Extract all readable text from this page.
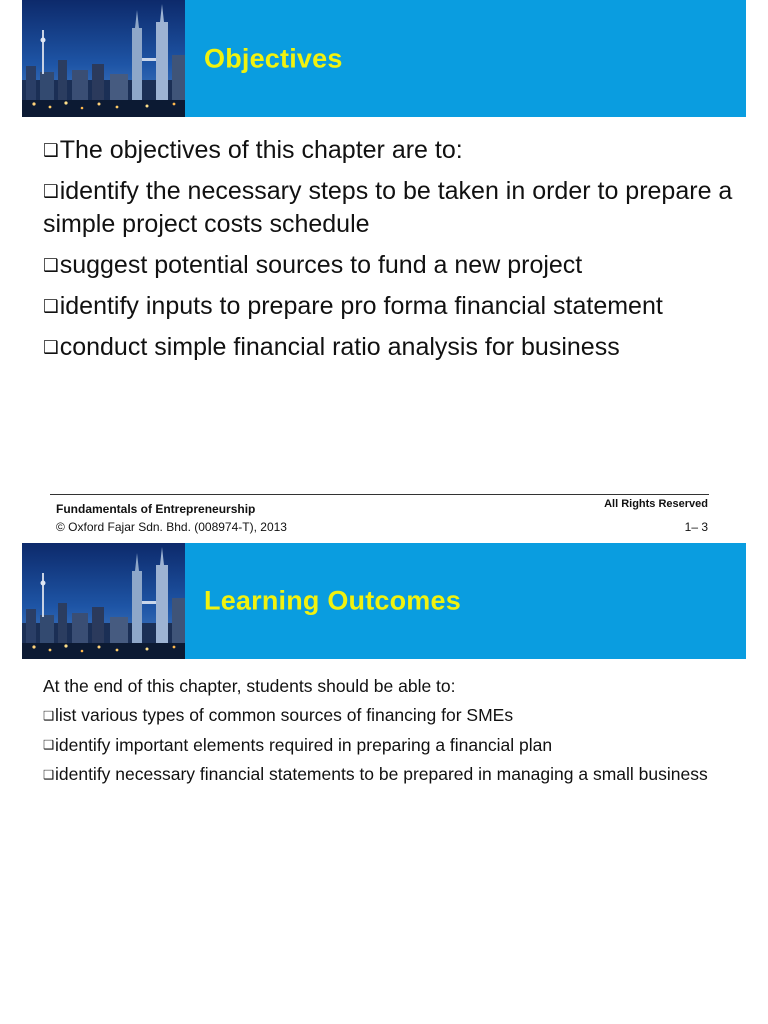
Objectives
❑The objectives of this chapter are to:
❑identify the necessary steps to be taken in order to prepare a simple project costs schedule
❑suggest potential sources to fund a new project
❑identify inputs to prepare pro forma financial statement
❑conduct simple financial ratio analysis for business
Fundamentals of Entrepreneurship
© Oxford Fajar Sdn. Bhd. (008974-T), 2013
All Rights Reserved
1– 3
Learning Outcomes
At the end of this chapter, students should be able to:
❑list various types of common sources of financing for SMEs
❑identify important elements required in preparing a financial plan
❑identify necessary financial statements to be prepared in managing a small business
